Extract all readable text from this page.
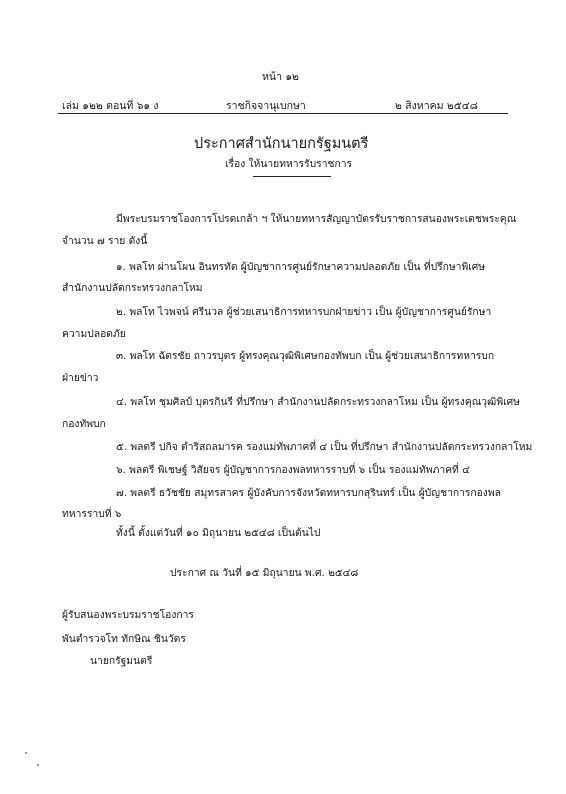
หน้า ๑๒
เล่ม ๑๒๒ ตอนที่ ๖๑ ง	ราชกิจจานุเบกษา	๒ สิงหาคม ๒๕๔๘
ประกาศสำนักนายกรัฐมนตรี
เรื่อง ให้นายทหารรับราชการ
มีพระบรมราชโองการโปรดเกล้า ฯ ให้นายทหารสัญญาบัตรรับราชการสนองพระเดชพระคุณ
จำนวน ๗ ราย ดังนี้
๑. พลโท ผ่านโผน อินทรทัต ผู้บัญชาการศูนย์รักษาความปลอดภัย เป็น ที่ปรึกษาพิเศษ
สำนักงานปลัดกระทรวงกลาโหม
๒. พลโท ไวพจน์ ศรีนวล ผู้ช่วยเสนาธิการทหารบกฝ่ายข่าว เป็น ผู้บัญชาการศูนย์รักษา
ความปลอดภัย
๓. พลโท ฉัตรชัย ถาวรบุตร ผู้ทรงคุณวุฒิพิเศษกองทัพบก เป็น ผู้ช่วยเสนาธิการทหารบก
ฝ่ายข่าว
๔. พลโท ชุมศิลป์ บุตรกินรี ที่ปรึกษา สำนักงานปลัดกระทรวงกลาโหม เป็น ผู้ทรงคุณวุฒิพิเศษ
กองทัพบก
๕. พลตรี ปกิจ ดำริสถลมารค รองแม่ทัพภาคที่ ๔ เป็น ที่ปรึกษา สำนักงานปลัดกระทรวงกลาโหม
๖. พลตรี พิเชษฐ์ วิสัยจร ผู้บัญชาการกองพลทหารราบที่ ๖ เป็น รองแม่ทัพภาคที่ ๔
๗. พลตรี ธวัชชัย สมุทรสาคร ผู้บังคับการจังหวัดทหารบกสุรินทร์ เป็น ผู้บัญชาการกองพล
ทหารราบที่ ๖
ทั้งนี้ ตั้งแต่วันที่ ๑๐ มิถุนายน ๒๕๔๘ เป็นต้นไป
ประกาศ ณ วันที่ ๑๕ มิถุนายน พ.ศ. ๒๕๔๘
ผู้รับสนองพระบรมราชโองการ
พันตำรวจโท ทักษิณ ชินวัตร
นายกรัฐมนตรี
